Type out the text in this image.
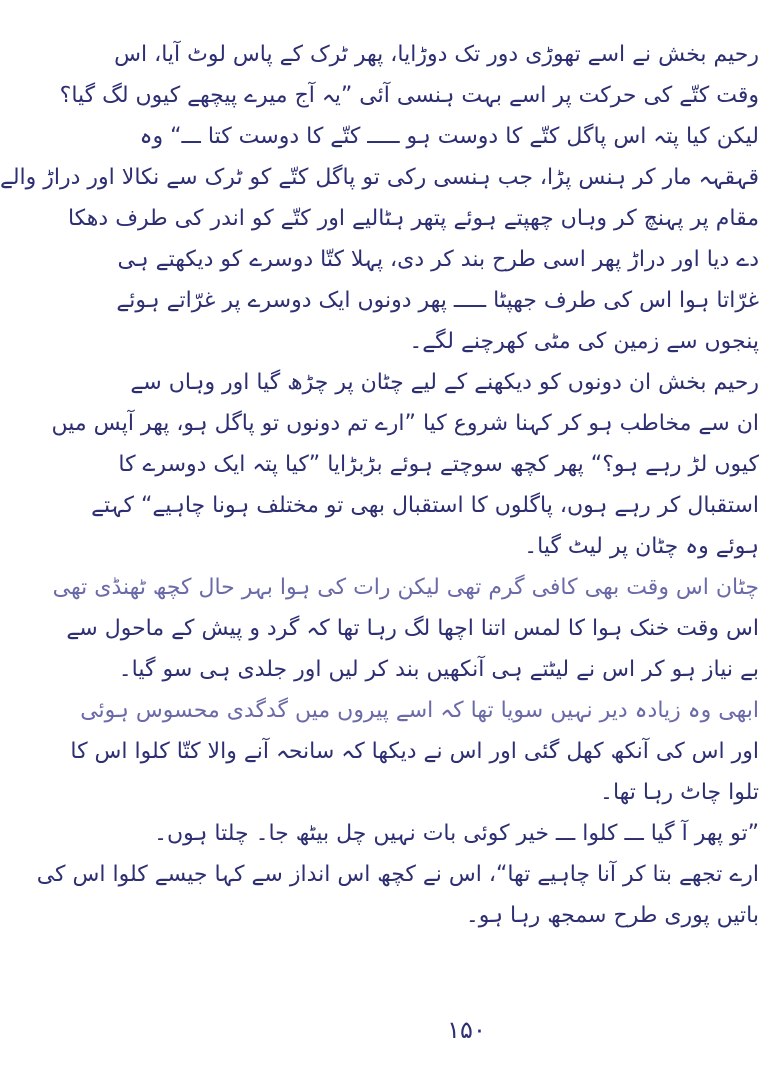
رحیم بخش نے اسے تھوڑی دور تک دوڑایا، پھر ٹرک کے پاس لوٹ آیا، اس
وقت کتّے کی حرکت پر اسے بہت ہنسی آئی ”یہ آج میرے پیچھے کیوں لگ گیا؟
لیکن کیا پتہ اس پاگل کتّے کا دوست ہو ـــــ کتّے کا دوست کتا ـــ“ وہ
قہقہہ مار کر ہنس پڑا، جب ہنسی رکی تو پاگل کتّے کو ٹرک سے نکالا اور دراڑ والے
مقام پر پہنچ کر وہاں چھپتے ہوئے پتھر ہٹالیے اور کتّے کو اندر کی طرف دھکا
دے دیا اور دراڑ پھر اسی طرح بند کر دی، پہلا کتّا دوسرے کو دیکھتے ہی
غرّاتا ہوا اس کی طرف جھپٹا ـــــ پھر دونوں ایک دوسرے پر غرّاتے ہوئے
پنجوں سے زمین کی مٹی کھرچنے لگے۔
رحیم بخش ان دونوں کو دیکھنے کے لیے چٹان پر چڑھ گیا اور وہاں سے
ان سے مخاطب ہو کر کہنا شروع کیا ”ارے تم دونوں تو پاگل ہو، پھر آپس میں
کیوں لڑ رہے ہو؟“ پھر کچھ سوچتے ہوئے بڑبڑایا ”کیا پتہ ایک دوسرے کا
استقبال کر رہے ہوں، پاگلوں کا استقبال بھی تو مختلف ہونا چاہیے“ کہتے
ہوئے وہ چٹان پر لیٹ گیا۔
چٹان اس وقت بھی کافی گرم تھی لیکن رات کی ہوا بہر حال کچھ ٹھنڈی تھی
اس وقت خنک ہوا کا لمس اتنا اچھا لگ رہا تھا کہ گرد و پیش کے ماحول سے
بے نیاز ہو کر اس نے لیٹتے ہی آنکھیں بند کر لیں اور جلدی ہی سو گیا۔
ابھی وہ زیادہ دیر نہیں سویا تھا کہ اسے پیروں میں گدگدی محسوس ہوئی
اور اس کی آنکھ کھل گئی اور اس نے دیکھا کہ سانحہ آنے والا کتّا کلوا اس کا
تلوا چاٹ رہا تھا۔
”تو پھر آ گیا ـــ کلوا ـــ خیر کوئی بات نہیں چل بیٹھ جا۔ چلتا ہوں۔
ارے تجھے بتا کر آنا چاہیے تھا“، اس نے کچھ اس انداز سے کہا جیسے کلوا اس کی
باتیں پوری طرح سمجھ رہا ہو۔
۱۵۰
